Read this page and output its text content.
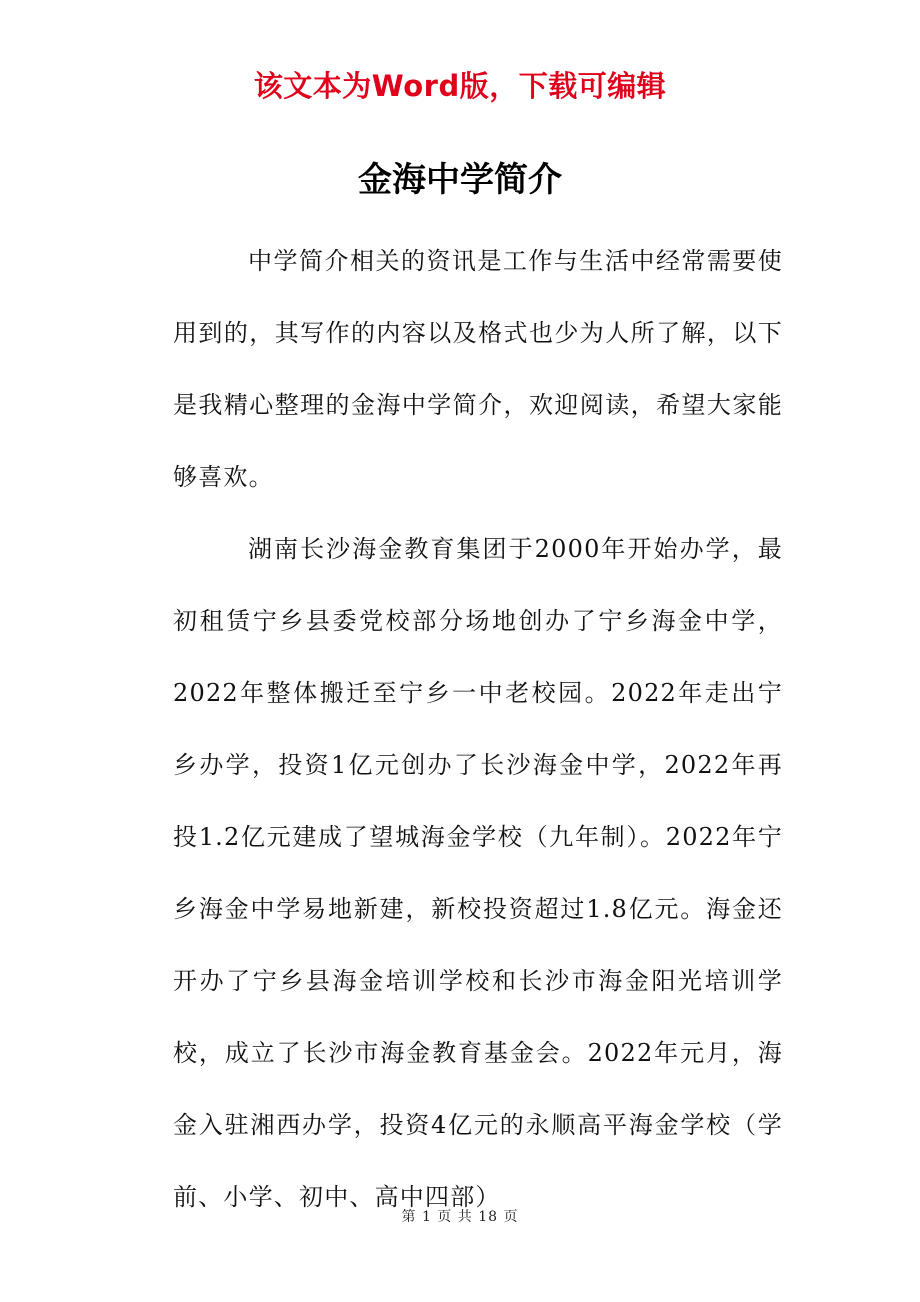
该文本为Word版，下载可编辑
金海中学简介

中学简介相关的资讯是工作与生活中经常需要使用到的，其写作的内容以及格式也少为人所了解，以下是我精心整理的金海中学简介，欢迎阅读，希望大家能够喜欢。

湖南长沙海金教育集团于2000年开始办学，最初租赁宁乡县委党校部分场地创办了宁乡海金中学，2022年整体搬迁至宁乡一中老校园。2022年走出宁乡办学，投资1亿元创办了长沙海金中学，2022年再投1.2亿元建成了望城海金学校（九年制）。2022年宁乡海金中学易地新建，新校投资超过1.8亿元。海金还开办了宁乡县海金培训学校和长沙市海金阳光培训学校，成立了长沙市海金教育基金会。2022年元月，海金入驻湘西办学，投资4亿元的永顺高平海金学校（学前、小学、初中、高中四部）

第 1 页 共 18 页
